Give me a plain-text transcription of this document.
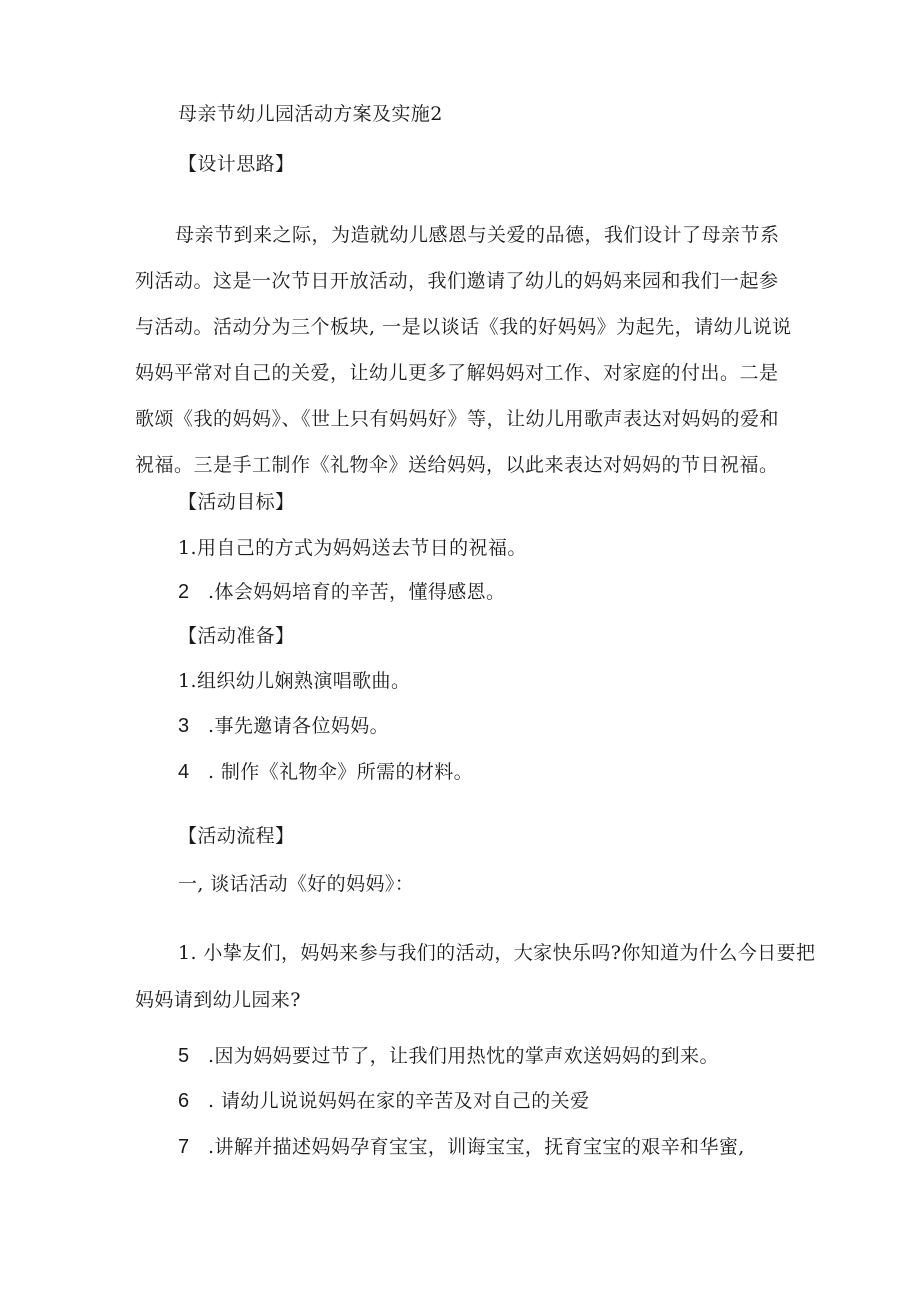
母亲节幼儿园活动方案及实施2
【设计思路】
母亲节到来之际，为造就幼儿感恩与关爱的品德，我们设计了母亲节系列活动。这是一次节日开放活动，我们邀请了幼儿的妈妈来园和我们一起参与活动。活动分为三个板块, 一是以谈话《我的好妈妈》为起先，请幼儿说说妈妈平常对自己的关爱，让幼儿更多了解妈妈对工作、对家庭的付出。二是歌颂《我的妈妈》、《世上只有妈妈好》等，让幼儿用歌声表达对妈妈的爱和祝福。三是手工制作《礼物伞》送给妈妈，以此来表达对妈妈的节日祝福。
【活动目标】
1.用自己的方式为妈妈送去节日的祝福。
2 .体会妈妈培育的辛苦，懂得感恩。
【活动准备】
1.组织幼儿娴熟演唱歌曲。
3 .事先邀请各位妈妈。
4 . 制作《礼物伞》所需的材料。
【活动流程】
一, 谈话活动《好的妈妈》：
1. 小挚友们，妈妈来参与我们的活动，大家快乐吗?你知道为什么今日要把
妈妈请到幼儿园来?
5 .因为妈妈要过节了，让我们用热忱的掌声欢送妈妈的到来。
6 . 请幼儿说说妈妈在家的辛苦及对自己的关爱
7 .讲解并描述妈妈孕育宝宝，训诲宝宝，抚育宝宝的艰辛和华蜜,
